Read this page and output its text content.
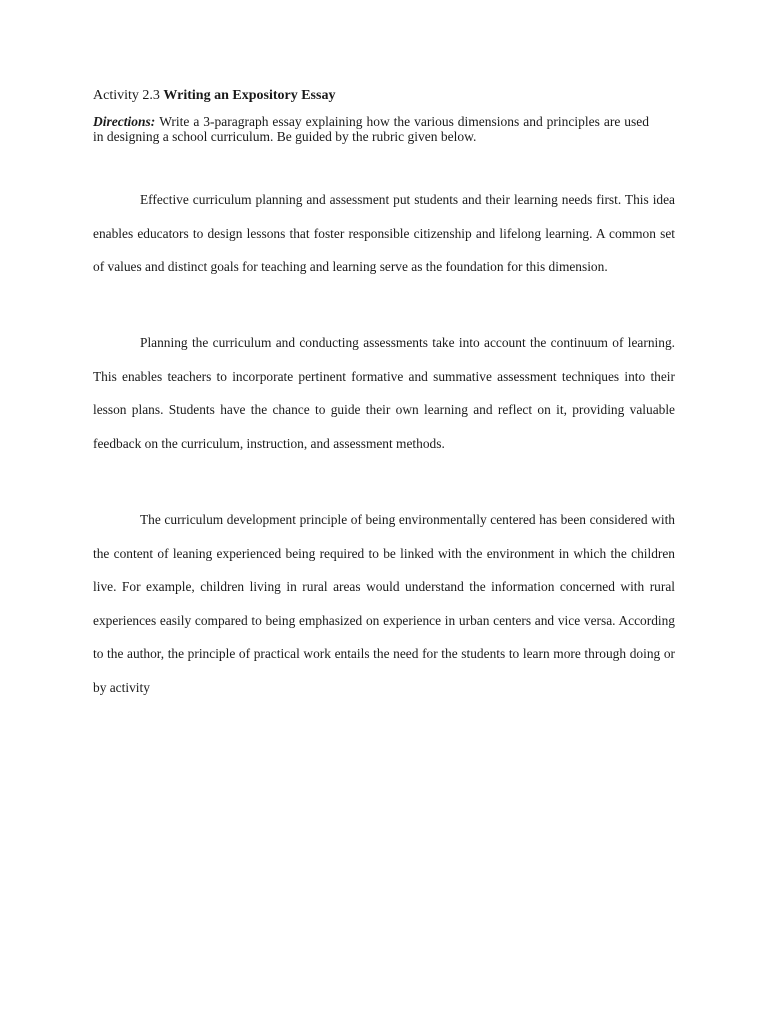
Activity 2.3 Writing an Expository Essay
Directions: Write a 3-paragraph essay explaining how the various dimensions and principles are used in designing a school curriculum. Be guided by the rubric given below.

Effective curriculum planning and assessment put students and their learning needs first. This idea enables educators to design lessons that foster responsible citizenship and lifelong learning. A common set of values and distinct goals for teaching and learning serve as the foundation for this dimension.

Planning the curriculum and conducting assessments take into account the continuum of learning. This enables teachers to incorporate pertinent formative and summative assessment techniques into their lesson plans. Students have the chance to guide their own learning and reflect on it, providing valuable feedback on the curriculum, instruction, and assessment methods.

The curriculum development principle of being environmentally centered has been considered with the content of leaning experienced being required to be linked with the environment in which the children live. For example, children living in rural areas would understand the information concerned with rural experiences easily compared to being emphasized on experience in urban centers and vice versa. According to the author, the principle of practical work entails the need for the students to learn more through doing or by activity
